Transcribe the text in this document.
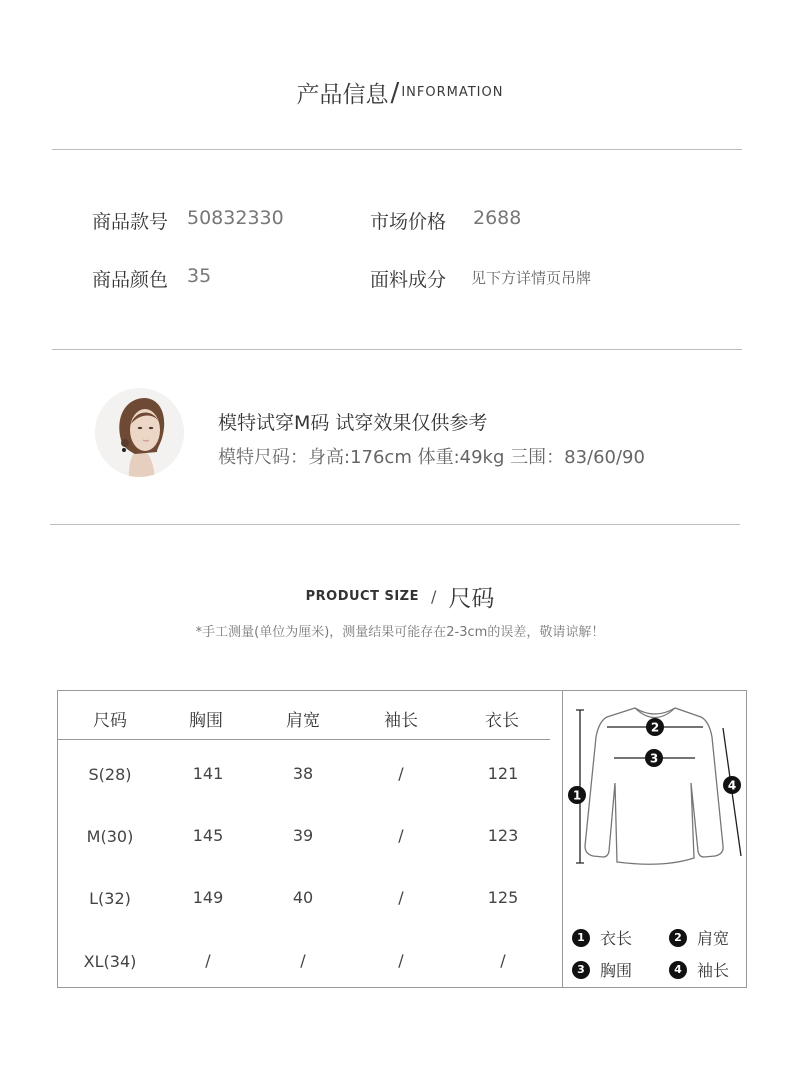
产品信息/ INFORMATION
商品款号 50832330	市场价格 2688
商品颜色 35	面料成分 见下方详情页吊牌
模特试穿M码 试穿效果仅供参考
模特尺码：身高:176cm 体重:49kg 三围：83/60/90
PRODUCT SIZE / 尺码
*手工测量(单位为厘米)，测量结果可能存在2-3cm的误差，敬请谅解！
尺码	胸围	肩宽	袖长	衣长
S(28)	141	38	/	121
M(30)	145	39	/	123
L(32)	149	40	/	125
XL(34)	/	/	/	/
2
3
1
4
1 衣长	2 肩宽
3 胸围	4 袖长
